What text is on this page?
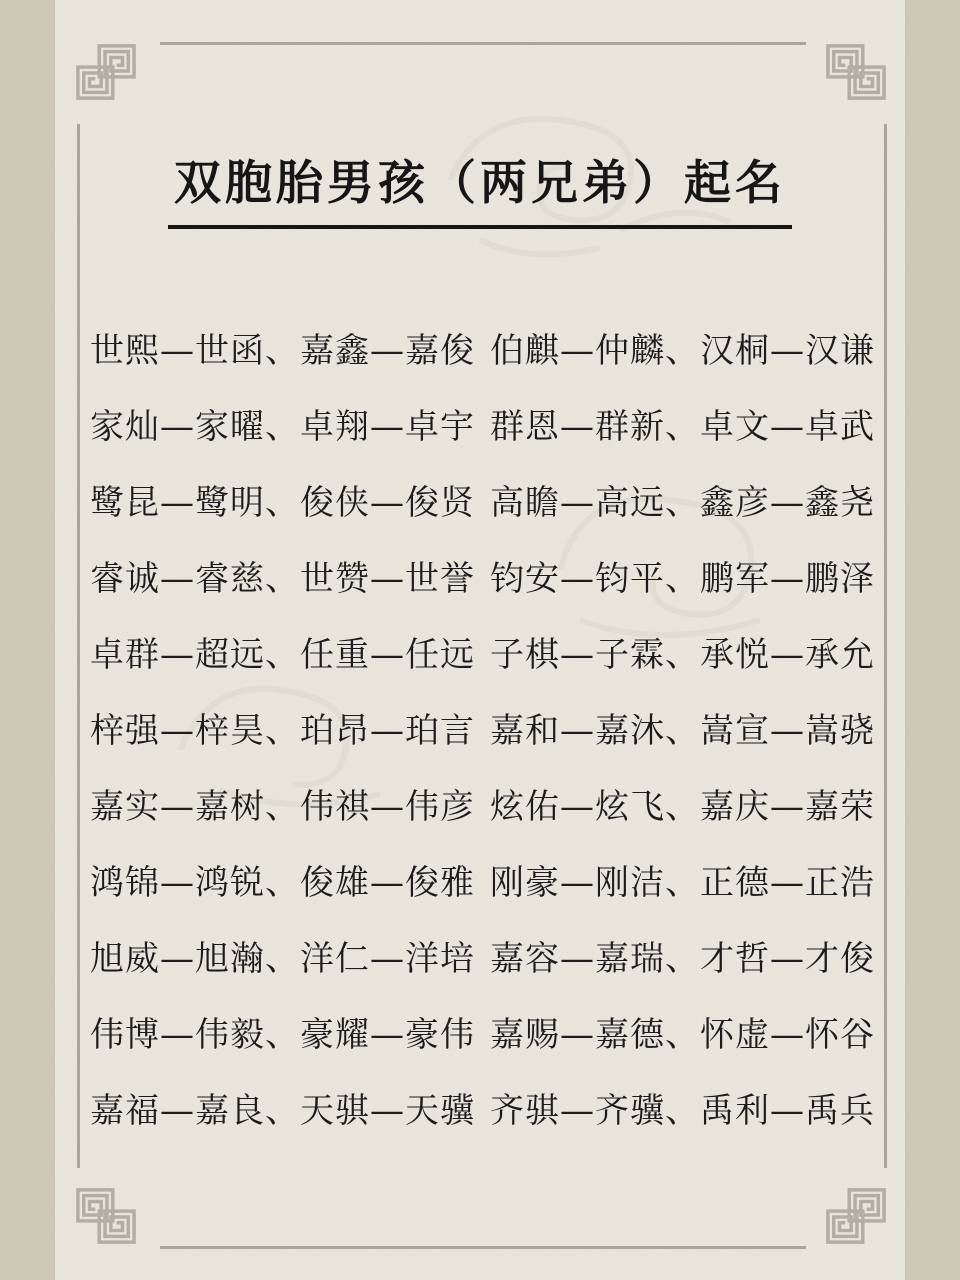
双胞胎男孩（两兄弟）起名
世熙—世函、嘉鑫—嘉俊
家灿—家曜、卓翔—卓宇
鹭昆—鹭明、俊侠—俊贤
睿诚—睿慈、世赞—世誉
卓群—超远、任重—任远
梓强—梓昊、珀昂—珀言
嘉实—嘉树、伟祺—伟彦
鸿锦—鸿锐、俊雄—俊雅
旭威—旭瀚、洋仁—洋培
伟博—伟毅、豪耀—豪伟
嘉福—嘉良、天骐—天骥
伯麒—仲麟、汉桐—汉谦
群恩—群新、卓文—卓武
高瞻—高远、鑫彦—鑫尧
钧安—钧平、鹏军—鹏泽
子棋—子霖、承悦—承允
嘉和—嘉沐、嵩宣—嵩骁
炫佑—炫飞、嘉庆—嘉荣
刚豪—刚洁、正德—正浩
嘉容—嘉瑞、才哲—才俊
嘉赐—嘉德、怀虚—怀谷
齐骐—齐骥、禹利—禹兵
